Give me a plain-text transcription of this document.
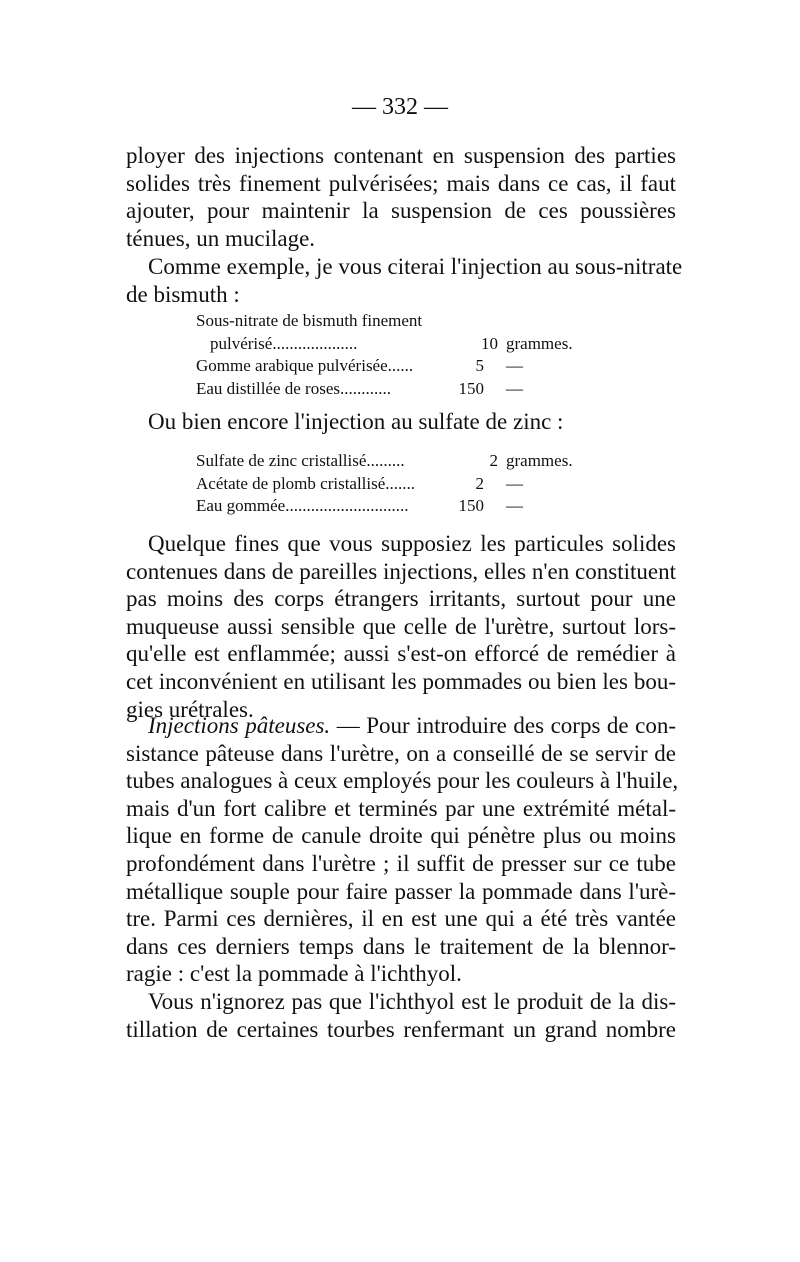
— 332 —
ployer des injections contenant en suspension des parties
solides très finement pulvérisées; mais dans ce cas, il faut
ajouter, pour maintenir la suspension de ces poussières
ténues, un mucilage.
Comme exemple, je vous citerai l'injection au sous-nitrate
de bismuth :
Sous-nitrate de bismuth finement
pulvérisé....................	10 grammes.
Gomme arabique pulvérisée......	5	—
Eau distillée de roses............	150	—
Ou bien encore l'injection au sulfate de zinc :
Sulfate de zinc cristallisé.........	2 grammes.
Acétate de plomb cristallisé.......	2	—
Eau gommée.............................	150	—
Quelque fines que vous supposiez les particules solides
contenues dans de pareilles injections, elles n'en constituent
pas moins des corps étrangers irritants, surtout pour une
muqueuse aussi sensible que celle de l'urètre, surtout lors-
qu'elle est enflammée; aussi s'est-on efforcé de remédier à
cet inconvénient en utilisant les pommades ou bien les bou-
gies urétrales.
Injections pâteuses. — Pour introduire des corps de con-
sistance pâteuse dans l'urètre, on a conseillé de se servir de
tubes analogues à ceux employés pour les couleurs à l'huile,
mais d'un fort calibre et terminés par une extrémité métal-
lique en forme de canule droite qui pénètre plus ou moins
profondément dans l'urètre ; il suffit de presser sur ce tube
métallique souple pour faire passer la pommade dans l'urè-
tre. Parmi ces dernières, il en est une qui a été très vantée
dans ces derniers temps dans le traitement de la blennor-
ragie : c'est la pommade à l'ichthyol.
Vous n'ignorez pas que l'ichthyol est le produit de la dis-
tillation de certaines tourbes renfermant un grand nombre
